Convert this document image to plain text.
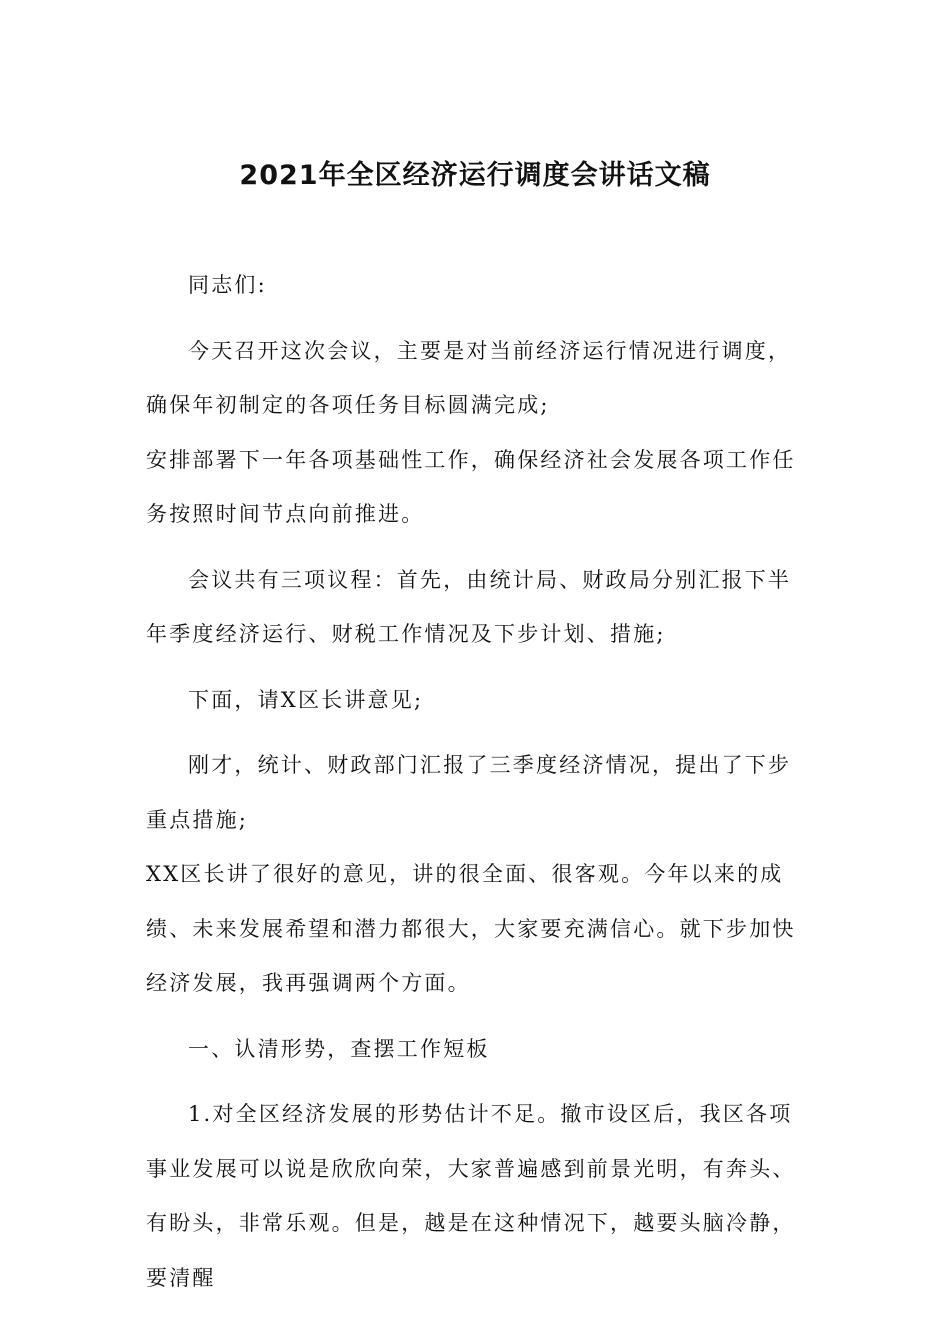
2021年全区经济运行调度会讲话文稿

同志们:

今天召开这次会议，主要是对当前经济运行情况进行调度，确保年初制定的各项任务目标圆满完成;

安排部署下一年各项基础性工作，确保经济社会发展各项工作任务按照时间节点向前推进。

会议共有三项议程：首先，由统计局、财政局分别汇报下半年季度经济运行、财税工作情况及下步计划、措施;

下面，请X区长讲意见;

刚才，统计、财政部门汇报了三季度经济情况，提出了下步重点措施;

XX区长讲了很好的意见，讲的很全面、很客观。今年以来的成绩、未来发展希望和潜力都很大，大家要充满信心。就下步加快经济发展，我再强调两个方面。

一、认清形势，查摆工作短板

1.对全区经济发展的形势估计不足。撤市设区后，我区各项事业发展可以说是欣欣向荣，大家普遍感到前景光明，有奔头、有盼头，非常乐观。但是，越是在这种情况下，越要头脑冷静，要清醒
